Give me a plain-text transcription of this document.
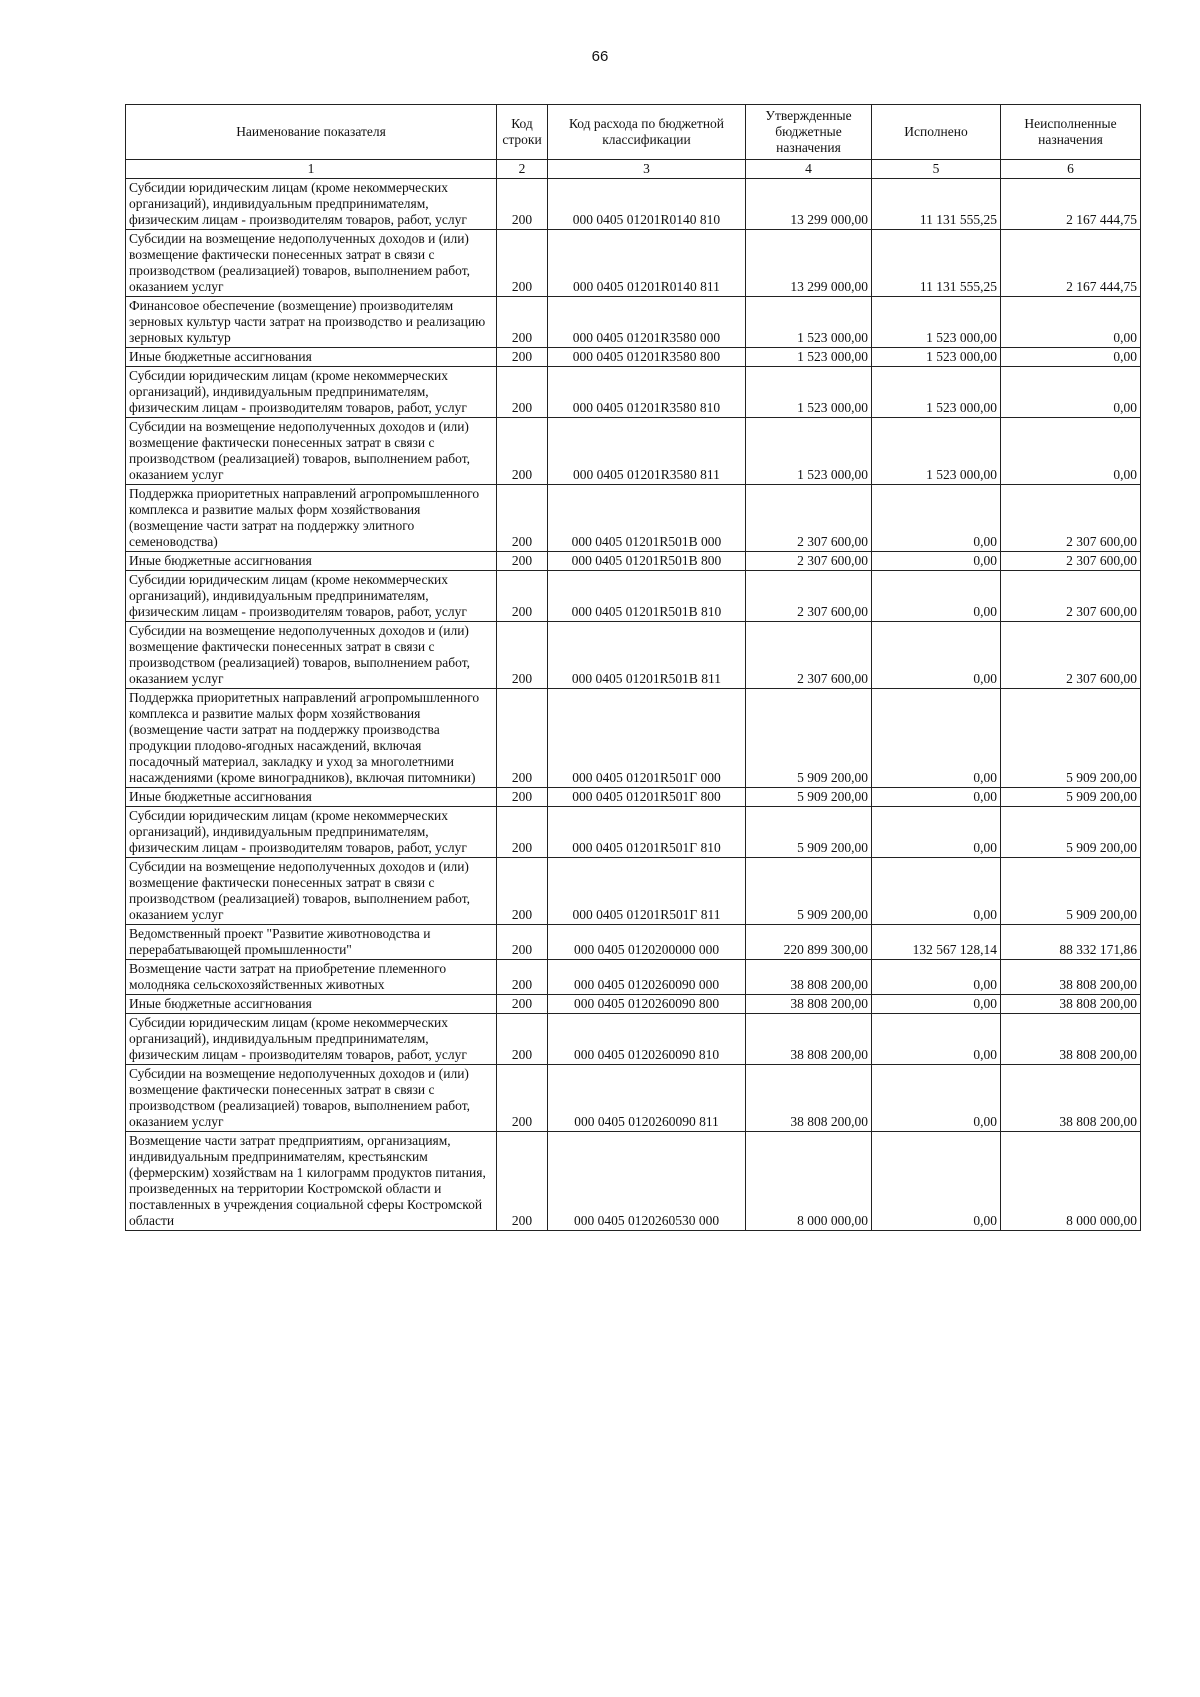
66
Наименование показателя	Код строки	Код расхода по бюджетной классификации	Утвержденные бюджетные назначения	Исполнено	Неисполненные назначения
1	2	3	4	5	6
Субсидии юридическим лицам (кроме некоммерческих организаций), индивидуальным предпринимателям, физическим лицам - производителям товаров, работ, услуг	200	000 0405 01201R0140 810	13 299 000,00	11 131 555,25	2 167 444,75
Субсидии на возмещение недополученных доходов и (или) возмещение фактически понесенных затрат в связи с производством (реализацией) товаров, выполнением работ, оказанием услуг	200	000 0405 01201R0140 811	13 299 000,00	11 131 555,25	2 167 444,75
Финансовое обеспечение (возмещение) производителям зерновых культур части затрат на производство и реализацию зерновых культур	200	000 0405 01201R3580 000	1 523 000,00	1 523 000,00	0,00
Иные бюджетные ассигнования	200	000 0405 01201R3580 800	1 523 000,00	1 523 000,00	0,00
Субсидии юридическим лицам (кроме некоммерческих организаций), индивидуальным предпринимателям, физическим лицам - производителям товаров, работ, услуг	200	000 0405 01201R3580 810	1 523 000,00	1 523 000,00	0,00
Субсидии на возмещение недополученных доходов и (или) возмещение фактически понесенных затрат в связи с производством (реализацией) товаров, выполнением работ, оказанием услуг	200	000 0405 01201R3580 811	1 523 000,00	1 523 000,00	0,00
Поддержка приоритетных направлений агропромышленного комплекса и развитие малых форм хозяйствования (возмещение части затрат на поддержку элитного семеноводства)	200	000 0405 01201R501B 000	2 307 600,00	0,00	2 307 600,00
Иные бюджетные ассигнования	200	000 0405 01201R501B 800	2 307 600,00	0,00	2 307 600,00
Субсидии юридическим лицам (кроме некоммерческих организаций), индивидуальным предпринимателям, физическим лицам - производителям товаров, работ, услуг	200	000 0405 01201R501B 810	2 307 600,00	0,00	2 307 600,00
Субсидии на возмещение недополученных доходов и (или) возмещение фактически понесенных затрат в связи с производством (реализацией) товаров, выполнением работ, оказанием услуг	200	000 0405 01201R501B 811	2 307 600,00	0,00	2 307 600,00
Поддержка приоритетных направлений агропромышленного комплекса и развитие малых форм хозяйствования (возмещение части затрат на поддержку производства продукции плодово-ягодных насаждений, включая посадочный материал, закладку и уход за многолетними насаждениями (кроме виноградников), включая питомники)	200	000 0405 01201R501Г 000	5 909 200,00	0,00	5 909 200,00
Иные бюджетные ассигнования	200	000 0405 01201R501Г 800	5 909 200,00	0,00	5 909 200,00
Субсидии юридическим лицам (кроме некоммерческих организаций), индивидуальным предпринимателям, физическим лицам - производителям товаров, работ, услуг	200	000 0405 01201R501Г 810	5 909 200,00	0,00	5 909 200,00
Субсидии на возмещение недополученных доходов и (или) возмещение фактически понесенных затрат в связи с производством (реализацией) товаров, выполнением работ, оказанием услуг	200	000 0405 01201R501Г 811	5 909 200,00	0,00	5 909 200,00
Ведомственный проект "Развитие животноводства и перерабатывающей промышленности"	200	000 0405 0120200000 000	220 899 300,00	132 567 128,14	88 332 171,86
Возмещение части затрат на приобретение племенного молодняка сельскохозяйственных животных	200	000 0405 0120260090 000	38 808 200,00	0,00	38 808 200,00
Иные бюджетные ассигнования	200	000 0405 0120260090 800	38 808 200,00	0,00	38 808 200,00
Субсидии юридическим лицам (кроме некоммерческих организаций), индивидуальным предпринимателям, физическим лицам - производителям товаров, работ, услуг	200	000 0405 0120260090 810	38 808 200,00	0,00	38 808 200,00
Субсидии на возмещение недополученных доходов и (или) возмещение фактически понесенных затрат в связи с производством (реализацией) товаров, выполнением работ, оказанием услуг	200	000 0405 0120260090 811	38 808 200,00	0,00	38 808 200,00
Возмещение части затрат предприятиям, организациям, индивидуальным предпринимателям, крестьянским (фермерским) хозяйствам на 1 килограмм продуктов питания, произведенных на территории Костромской области и поставленных в учреждения социальной сферы Костромской области	200	000 0405 0120260530 000	8 000 000,00	0,00	8 000 000,00
